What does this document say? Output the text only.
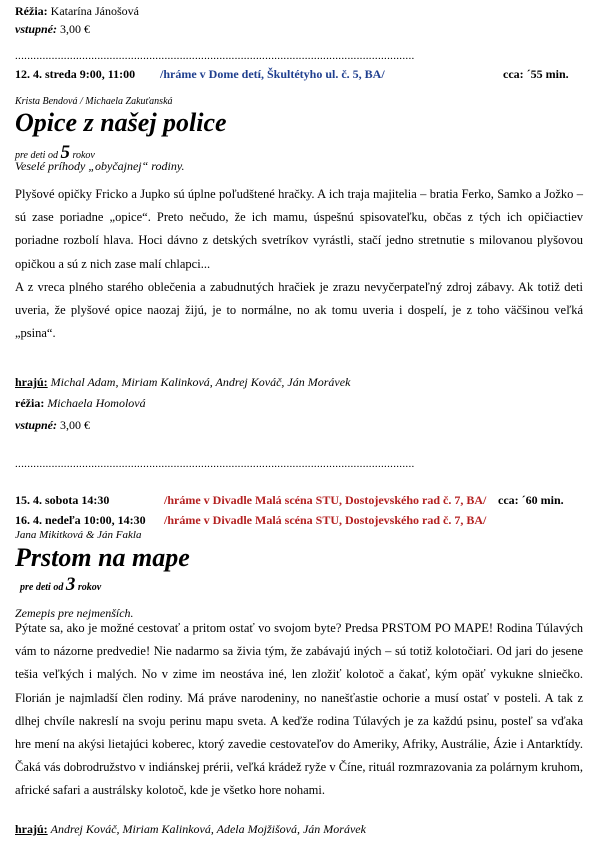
Réžia: Katarína Jánošová
vstupné: 3,00 €
...................................................................................................................................
12. 4. streda 9:00, 11:00 /hráme v Dome detí, Škultétyho ul. č. 5, BA/	cca: ´55 min.
Krista Bendová / Michaela Zakuťanská
Opice z našej police
pre deti od 5 rokov
Veselé príhody „obyčajnej“ rodiny.
Plyšové opičky Fricko a Jupko sú úplne poľudštené hračky. A ich traja majitelia – bratia Ferko, Samko a Jožko – sú zase poriadne „opice“. Preto nečudo, že ich mamu, úspešnú spisovateľku, občas z tých ich opičiactiev poriadne rozbolí hlava. Hoci dávno z detských svetríkov vyrástli, stačí jedno stretnutie s milovanou plyšovou opičkou a sú z nich zase malí chlapci...
A z vreca plného starého oblečenia a zabudnutých hračiek je zrazu nevyčerpateľný zdroj zábavy. Ak totiž deti uveria, že plyšové opice naozaj žijú, je to normálne, no ak tomu uveria i dospelí, je z toho väčšinou veľká „psina“.
hrajú: Michal Adam, Miriam Kalinková, Andrej Kováč, Ján Morávek
réžia: Michaela Homolová
vstupné: 3,00 €
...................................................................................................................................
15. 4. sobota 14:30	/hráme v Divadle Malá scéna STU, Dostojevského rad č. 7, BA/ cca: ´60 min.
16. 4. nedeľa 10:00, 14:30 /hráme v Divadle Malá scéna STU, Dostojevského rad č. 7, BA/
Jana Mikitková & Ján Fakla
Prstom na mape
pre deti od 3 rokov
Zemepis pre nejmenších.
Pýtate sa, ako je možné cestovať a pritom ostať vo svojom byte? Predsa PRSTOM PO MAPE! Rodina Túlavých vám to názorne predvedie! Nie nadarmo sa živia tým, že zabávajú iných – sú totiž kolotočiari. Od jari do jesene tešia veľkých i malých. No v zime im neostáva iné, len zložiť kolotoč a čakať, kým opäť vykukne slniečko. Florián je najmladší člen rodiny. Má práve narodeniny, no nanešťastie ochorie a musí ostať v posteli. A tak z dlhej chvíle nakreslí na svoju perinu mapu sveta. A keďže rodina Túlavých je za každú psinu, posteľ sa vďaka hre mení na akýsi lietajúci koberec, ktorý zavedie cestovateľov do Ameriky, Afriky, Austrálie, Ázie i Antarktídy. Čaká vás dobrodružstvo v indiánskej prérii, veľká krádež ryže v Číne, rituál rozmrazovania za polárnym kruhom, africké safari a austrálsky kolotoč, kde je všetko hore nohami.
hrajú: Andrej Kováč, Miriam Kalinková, Adela Mojžišová, Ján Morávek
